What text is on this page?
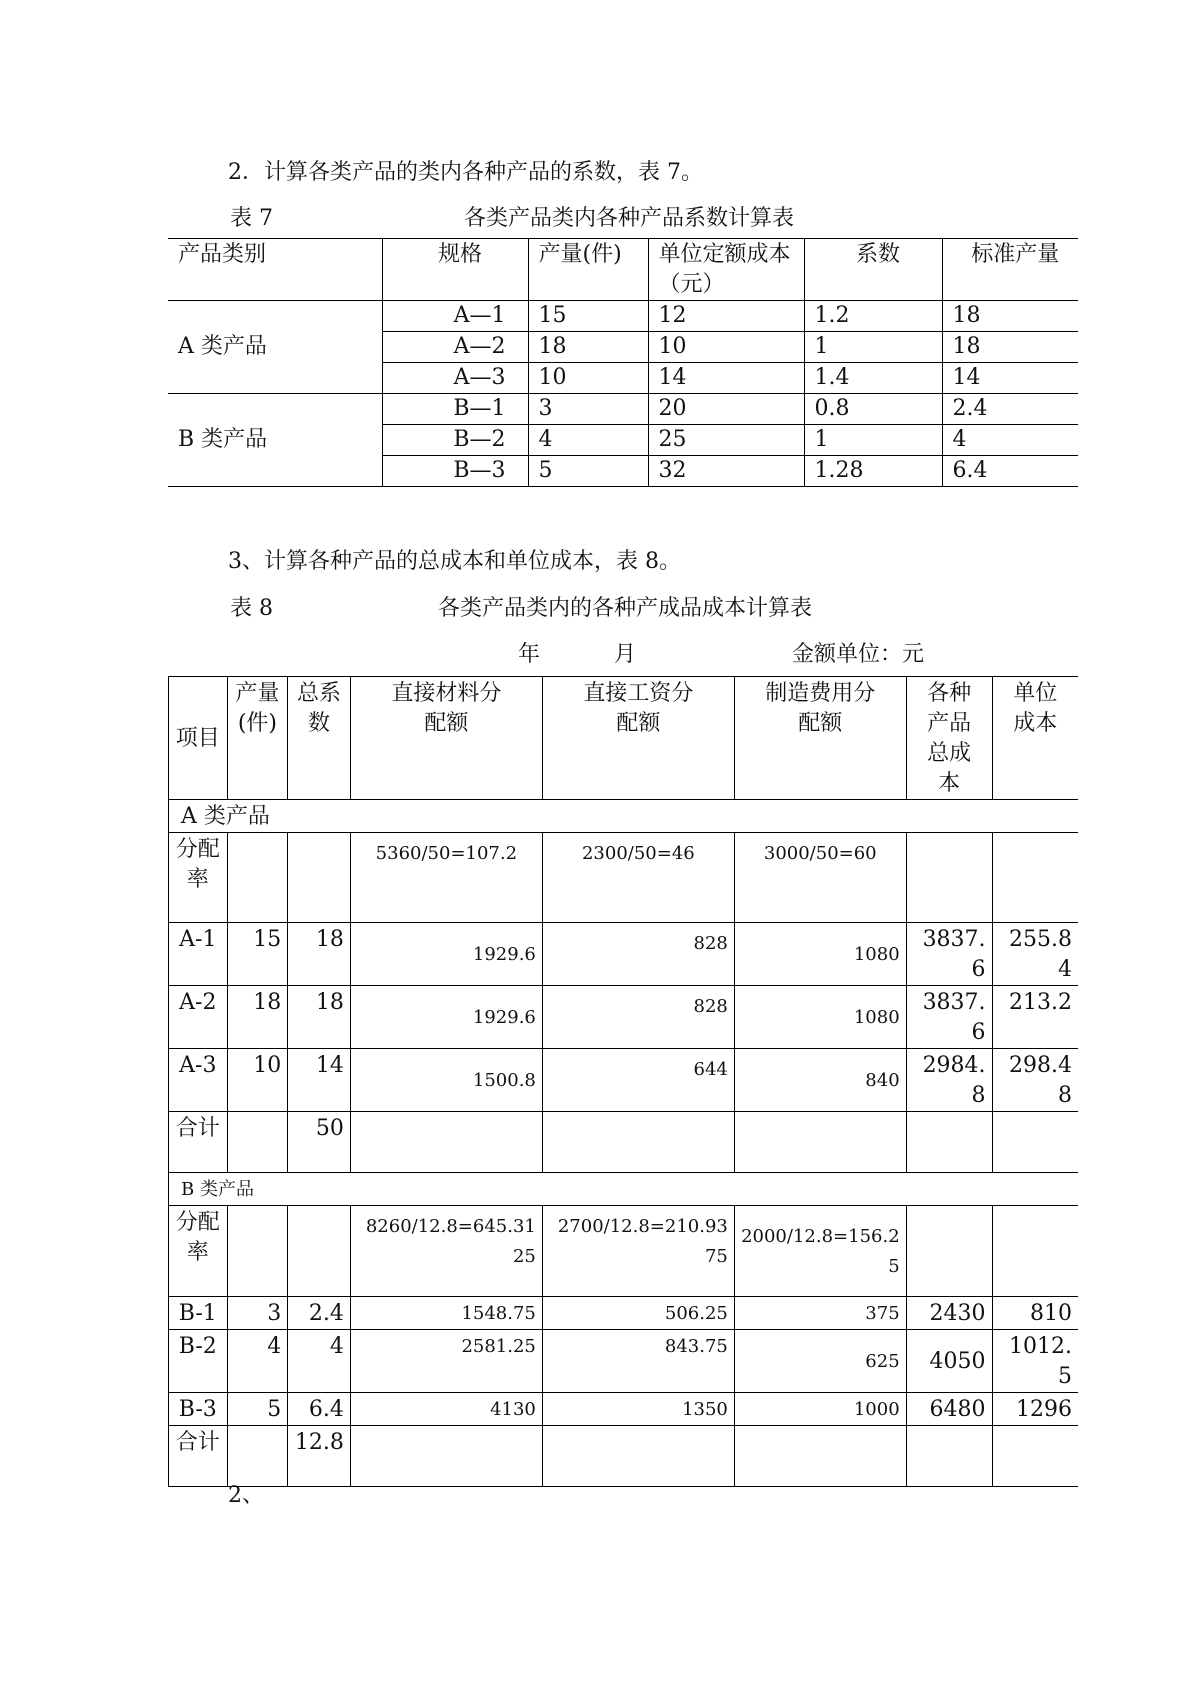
2．计算各类产品的类内各种产品的系数，表 7。
表 7	各类产品类内各种产品系数计算表
产品类别	规格	产量(件)	单位定额成本（元）	系数	标准产量
A 类产品	A—1	15	12	1.2	18
	A—2	18	10	1	18
	A—3	10	14	1.4	14
B 类产品	B—1	3	20	0.8	2.4
	B—2	4	25	1	4
	B—3	5	32	1.28	6.4
3、计算各种产品的总成本和单位成本，表 8。
表 8	各类产品类内的各种产成品成本计算表
年	月	金额单位：元
项目	产量(件)	总系数	直接材料分配额	直接工资分配额	制造费用分配额	各种产品总成本	单位成本
A 类产品							
分配率			5360/50=107.2	2300/50=46	3000/50=60		
A-1	15	18	1929.6	828	1080	3837.6	255.84
A-2	18	18	1929.6	828	1080	3837.6	213.2
A-3	10	14	1500.8	644	840	2984.8	298.48
合计		50					
B 类产品							
分配率			8260/12.8=645.3125	2700/12.8=210.9375	2000/12.8=156.25		
B-1	3	2.4	1548.75	506.25	375	2430	810
B-2	4	4	2581.25	843.75	625	4050	1012.5
B-3	5	6.4	4130	1350	1000	6480	1296
合计		12.8					
2、
